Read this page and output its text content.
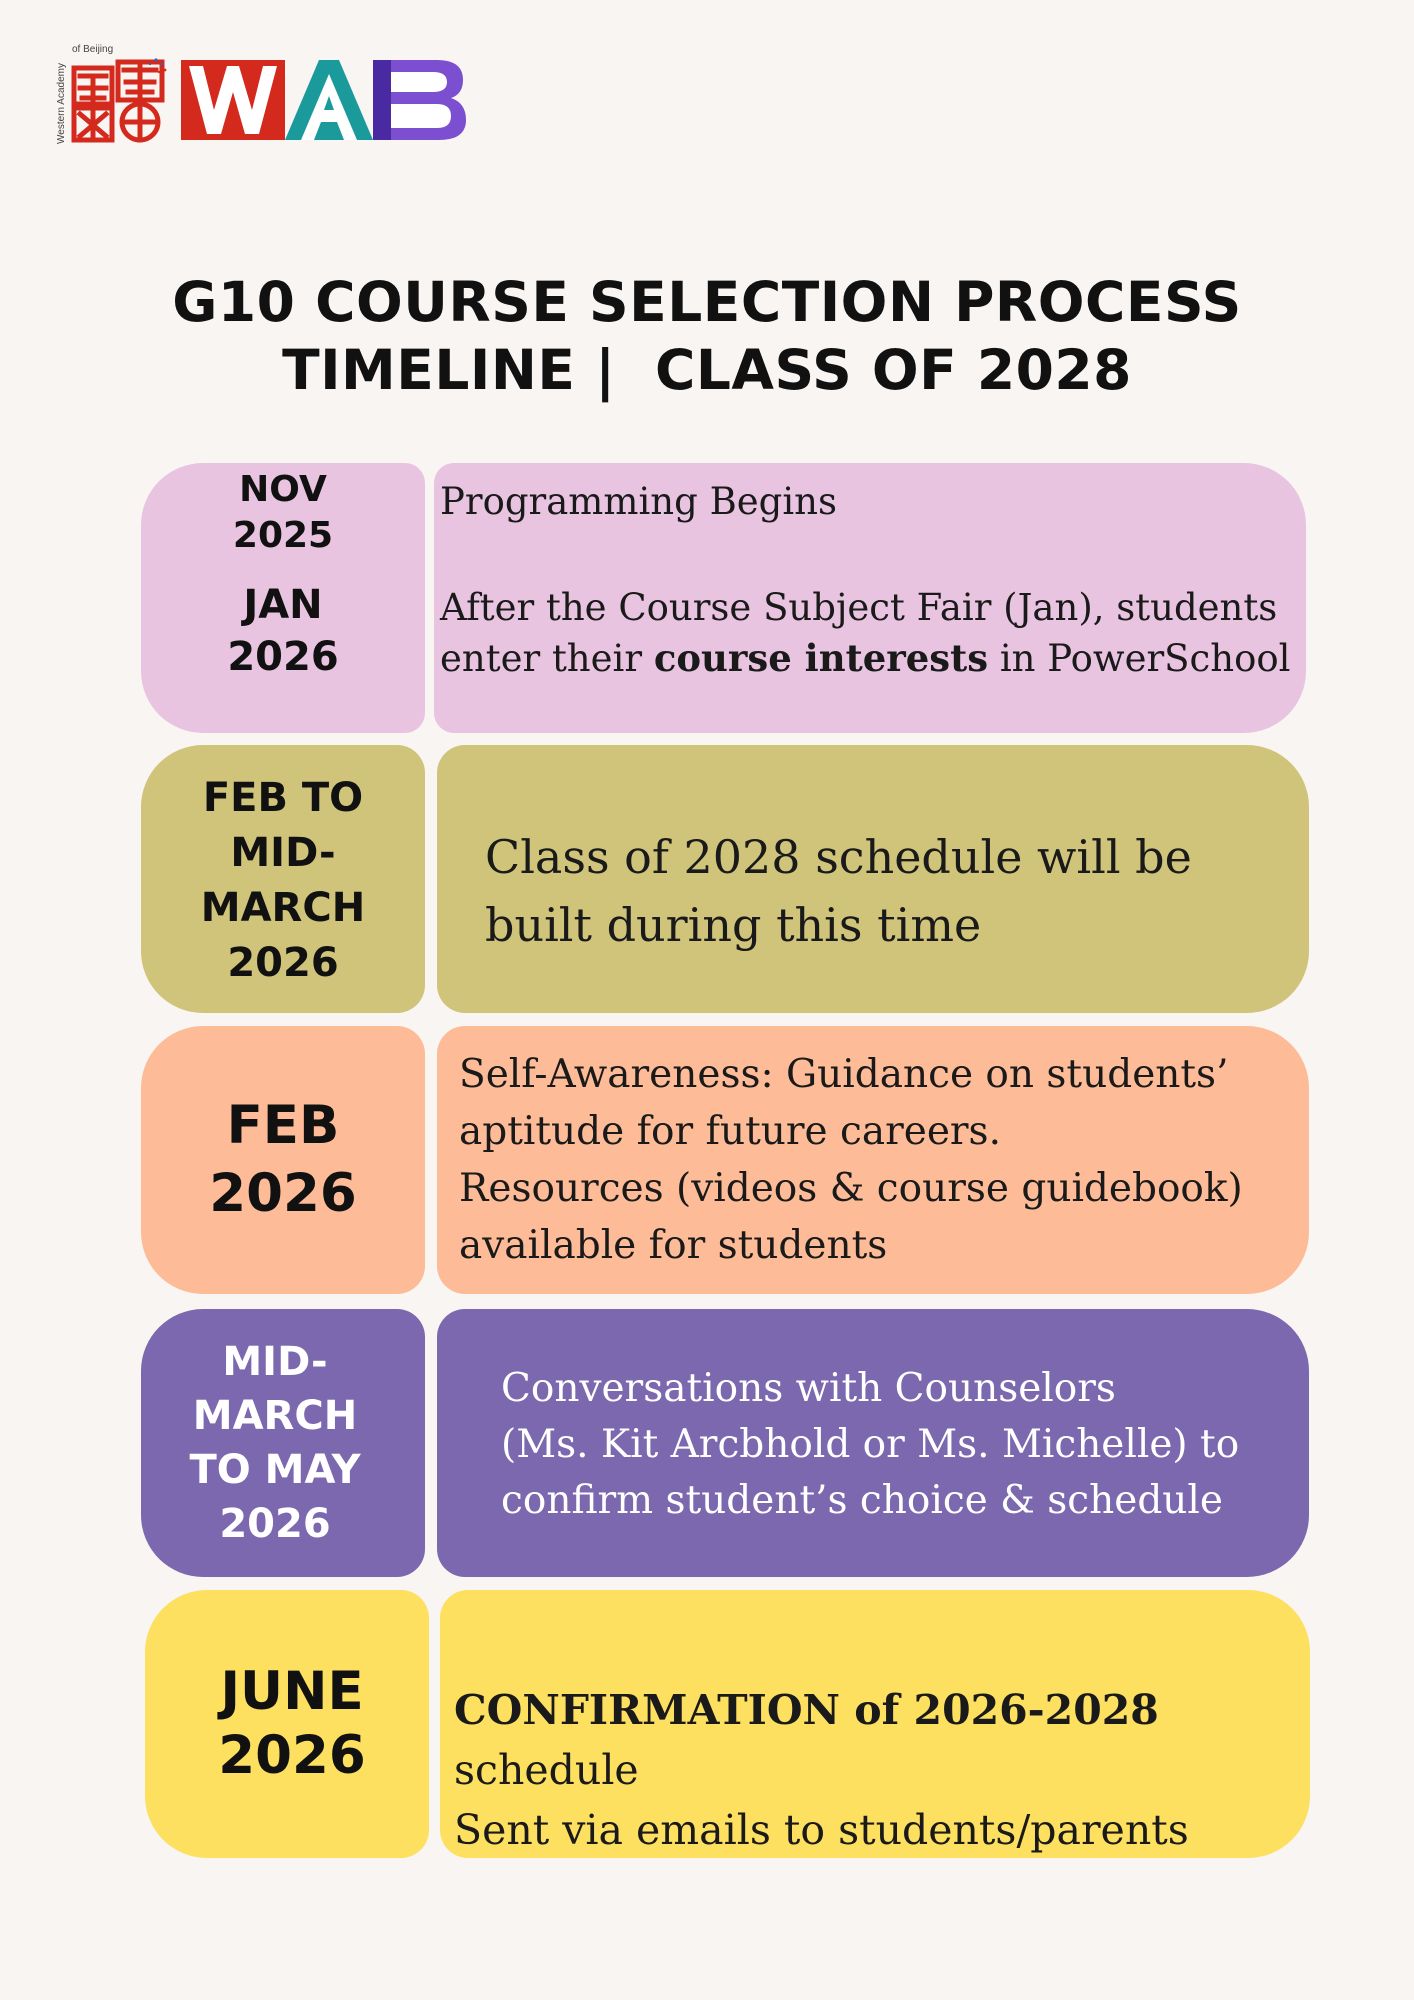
Western Academy
of Beijing
G10 COURSE SELECTION PROCESS
TIMELINE |  CLASS OF 2028
NOV
2025
JAN
2026
Programming Begins
After the Course Subject Fair (Jan), students
enter their course interests in PowerSchool
FEB TO
MID-
MARCH
2026
Class of 2028 schedule will be
built during this time
FEB
2026
Self-Awareness: Guidance on students’
aptitude for future careers.
Resources (videos & course guidebook)
available for students
MID-
MARCH
TO MAY
2026
Conversations with Counselors
(Ms. Kit Arcbhold or Ms. Michelle) to
confirm student’s choice & schedule
JUNE
2026
CONFIRMATION of 2026-2028 schedule
Sent via emails to students/parents
